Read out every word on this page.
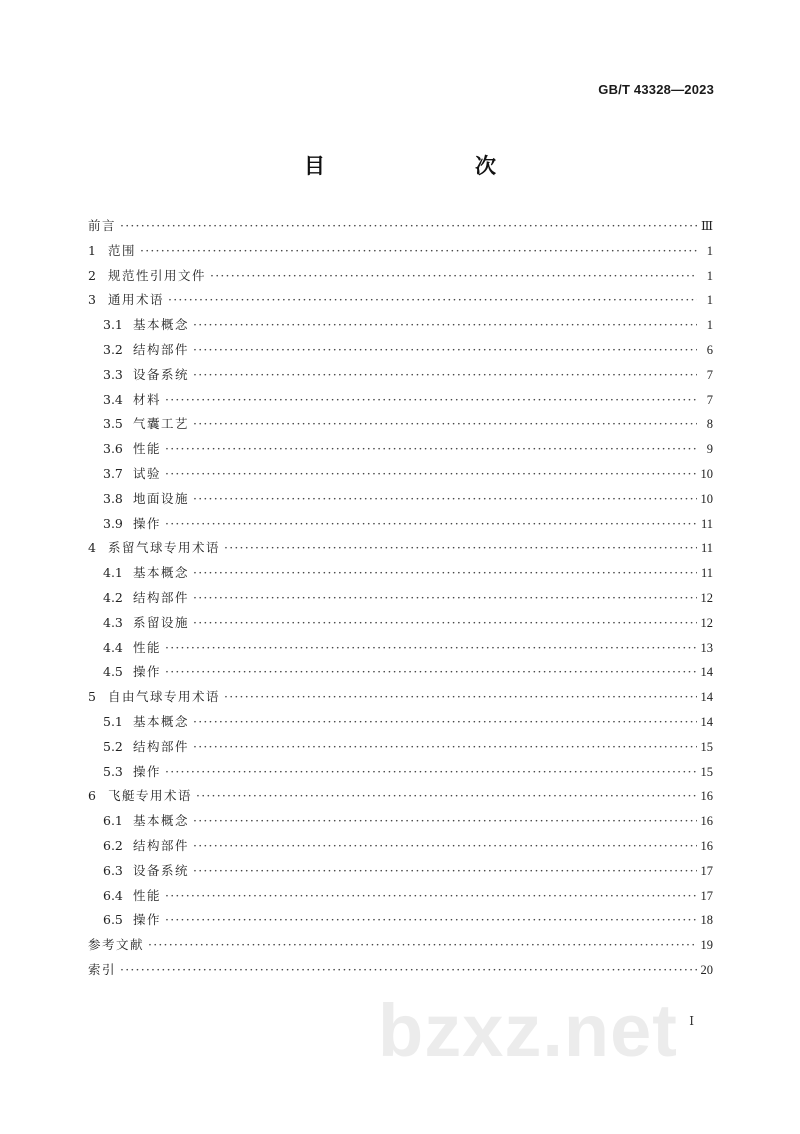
GB/T 43328—2023
目　　次
前言 ·····	Ⅲ
1 范围 ·····	1
2 规范性引用文件 ·····	1
3 通用术语 ·····	1
3.1 基本概念 ·····	1
3.2 结构部件 ·····	6
3.3 设备系统 ·····	7
3.4 材料 ·····	7
3.5 气囊工艺 ·····	8
3.6 性能 ·····	9
3.7 试验 ·····	10
3.8 地面设施 ·····	10
3.9 操作 ·····	11
4 系留气球专用术语 ·····	11
4.1 基本概念 ·····	11
4.2 结构部件 ·····	12
4.3 系留设施 ·····	12
4.4 性能 ·····	13
4.5 操作 ·····	14
5 自由气球专用术语 ·····	14
5.1 基本概念 ·····	14
5.2 结构部件 ·····	15
5.3 操作 ·····	15
6 飞艇专用术语 ·····	16
6.1 基本概念 ·····	16
6.2 结构部件 ·····	16
6.3 设备系统 ·····	17
6.4 性能 ·····	17
6.5 操作 ·····	18
参考文献 ·····	19
索引 ·····	20
bzxz.net Ⅰ
